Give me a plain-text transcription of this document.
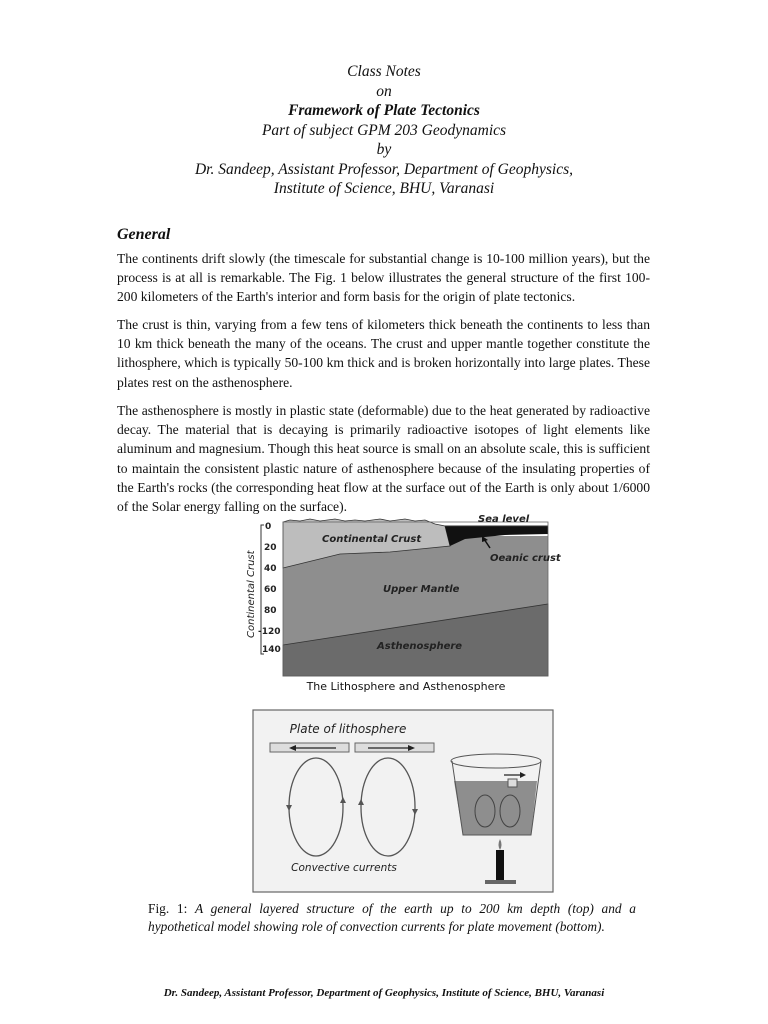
Class Notes
on
Framework of Plate Tectonics
Part of subject GPM 203 Geodynamics
by
Dr. Sandeep, Assistant Professor, Department of Geophysics,
Institute of Science, BHU, Varanasi
General

The continents drift slowly (the timescale for substantial change is 10-100 million years), but the process is at all is remarkable. The Fig. 1 below illustrates the general structure of the first 100-200 kilometers of the Earth's interior and form basis for the origin of plate tectonics.

The crust is thin, varying from a few tens of kilometers thick beneath the continents to less than 10 km thick beneath the many of the oceans. The crust and upper mantle together constitute the lithosphere, which is typically 50-100 km thick and is broken horizontally into large plates. These plates rest on the asthenosphere.

The asthenosphere is mostly in plastic state (deformable) due to the heat generated by radioactive decay. The material that is decaying is primarily radioactive isotopes of light elements like aluminum and magnesium. Though this heat source is small on an absolute scale, this is sufficient to maintain the consistent plastic nature of asthenosphere because of the insulating properties of the Earth's rocks (the corresponding heat flow at the surface out of the Earth is only about 1/6000 of the Solar energy falling on the surface).

0
20
40
60
80
-120
140
Continental Crust
Sea level
Continental Crust
Oeanic crust
Upper Mantle
Asthenosphere
The Lithosphere and Asthenosphere
Plate of lithosphere
Convective currents
Fig. 1: A general layered structure of the earth up to 200 km depth (top) and a hypothetical model showing role of convection currents for plate movement (bottom).
Dr. Sandeep, Assistant Professor, Department of Geophysics, Institute of Science, BHU, Varanasi
